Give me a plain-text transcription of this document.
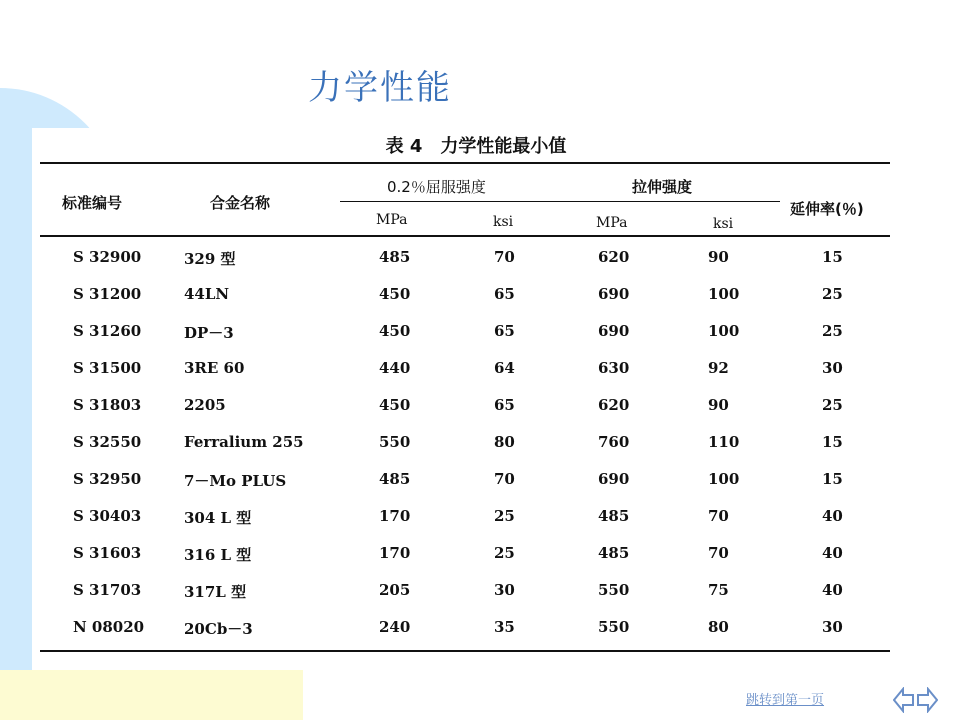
力学性能
表 4　力学性能最小值
标准编号	合金名称
0.2％屈服强度	拉伸强度
延伸率(％)
MPa	ksi	MPa	ksi
S 32900	329 型	485	70	620	90	15
S 31200	44LN	450	65	690	100	25
S 31260	DP－3	450	65	690	100	25
S 31500	3RE 60	440	64	630	92	30
S 31803	2205	450	65	620	90	25
S 32550	Ferralium 255	550	80	760	110	15
S 32950	7－Mo PLUS	485	70	690	100	15
S 30403	304 L 型	170	25	485	70	40
S 31603	316 L 型	170	25	485	70	40
S 31703	317L 型	205	30	550	75	40
N 08020	20Cb－3	240	35	550	80	30
跳转到第一页
